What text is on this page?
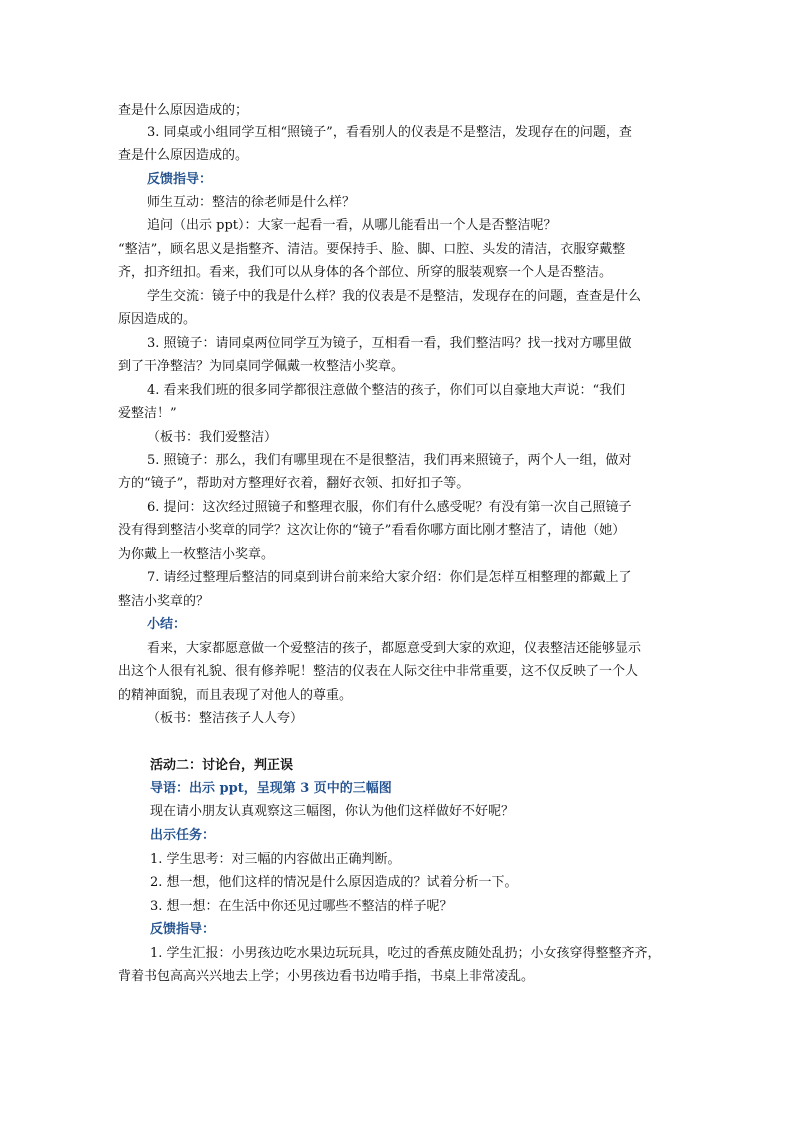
查是什么原因造成的；
3. 同桌或小组同学互相“照镜子”，看看别人的仪表是不是整洁，发现存在的问题，查
查是什么原因造成的。
反馈指导：
师生互动：整洁的徐老师是什么样？
追问（出示 ppt）：大家一起看一看，从哪儿能看出一个人是否整洁呢？
“整洁”，顾名思义是指整齐、清洁。要保持手、脸、脚、口腔、头发的清洁，衣服穿戴整
齐，扣齐纽扣。看来，我们可以从身体的各个部位、所穿的服装观察一个人是否整洁。
学生交流：镜子中的我是什么样？我的仪表是不是整洁，发现存在的问题，查查是什么
原因造成的。
3. 照镜子：请同桌两位同学互为镜子，互相看一看，我们整洁吗？找一找对方哪里做
到了干净整洁？为同桌同学佩戴一枚整洁小奖章。
4. 看来我们班的很多同学都很注意做个整洁的孩子，你们可以自豪地大声说：“我们
爱整洁！”
（板书：我们爱整洁）
5. 照镜子：那么，我们有哪里现在不是很整洁，我们再来照镜子，两个人一组，做对
方的“镜子”，帮助对方整理好衣着，翻好衣领、扣好扣子等。
6. 提问：这次经过照镜子和整理衣服，你们有什么感受呢？有没有第一次自己照镜子
没有得到整洁小奖章的同学？这次让你的“镜子”看看你哪方面比刚才整洁了，请他（她）
为你戴上一枚整洁小奖章。
7. 请经过整理后整洁的同桌到讲台前来给大家介绍：你们是怎样互相整理的都戴上了
整洁小奖章的？
小结：
看来，大家都愿意做一个爱整洁的孩子，都愿意受到大家的欢迎，仪表整洁还能够显示
出这个人很有礼貌、很有修养呢！整洁的仪表在人际交往中非常重要，这不仅反映了一个人
的精神面貌，而且表现了对他人的尊重。
（板书：整洁孩子人人夸）
活动二：讨论台，判正误
导语：出示 ppt，呈现第 3 页中的三幅图
现在请小朋友认真观察这三幅图，你认为他们这样做好不好呢？
出示任务：
1. 学生思考：对三幅的内容做出正确判断。
2. 想一想，他们这样的情况是什么原因造成的？试着分析一下。
3. 想一想：在生活中你还见过哪些不整洁的样子呢？
反馈指导：
1. 学生汇报：小男孩边吃水果边玩玩具，吃过的香蕉皮随处乱扔；小女孩穿得整整齐齐，
背着书包高高兴兴地去上学；小男孩边看书边啃手指，书桌上非常凌乱。
